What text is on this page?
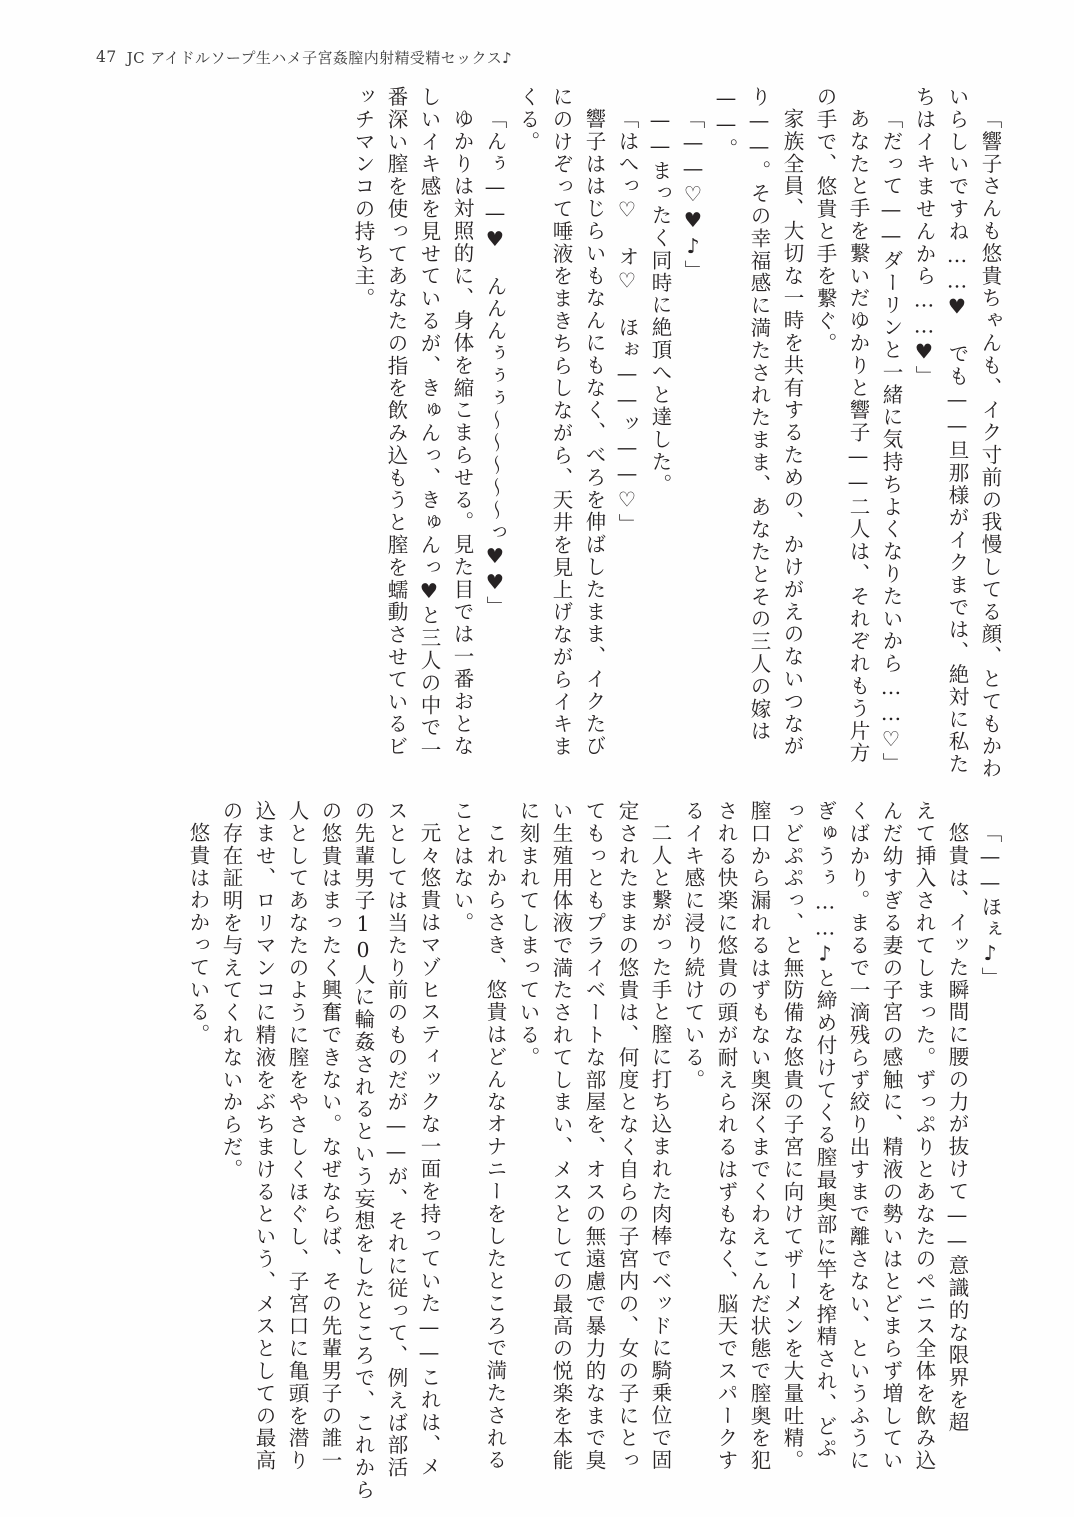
47 JC アイドルソープ生ハメ子宮姦膣内射精受精セックス♪
「響子さんも悠貴ちゃんも、イク寸前の我慢してる顔、とてもかわ
いらしいですね……♥　でも——旦那様がイクまでは、絶対に私た
ちはイキませんから……♥」
「だって——ダーリンと一緒に気持ちよくなりたいから……♡」
あなたと手を繋いだゆかりと響子——二人は、それぞれもう片方
の手で、悠貴と手を繋ぐ。
家族全員、大切な一時を共有するための、かけがえのないつなが
り——。その幸福感に満たされたまま、あなたとその三人の嫁は
——。
「——♡♥♪」
——まったく同時に絶頂へと達した。
「はへっ♡　オ♡　ほぉ——ッ——♡」
響子ははじらいもなんにもなく、べろを伸ばしたまま、イクたび
にのけぞって唾液をまきちらしながら、天井を見上げながらイキま
くる。
「んぅ——♥　んんんぅぅぅ～～～～～っ♥♥」
ゆかりは対照的に、身体を縮こまらせる。見た目では一番おとな
しいイキ感を見せているが、きゅんっ、きゅんっ♥と三人の中で一
番深い膣を使ってあなたの指を飲み込もうと膣を蠕動させているビ
ッチマンコの持ち主。
「——ほぇ♪」
悠貴は、イッた瞬間に腰の力が抜けて——意識的な限界を超
えて挿入されてしまった。ずっぷりとあなたのペニス全体を飲み込
んだ幼すぎる妻の子宮の感触に、精液の勢いはとどまらず増してい
くばかり。まるで一滴残らず絞り出すまで離さない、というふうに
ぎゅうぅ……♪と締め付けてくる膣最奥部に竿を搾精され、どぷ
っどぷぷっ、と無防備な悠貴の子宮に向けてザーメンを大量吐精。
膣口から漏れるはずもない奥深くまでくわえこんだ状態で膣奥を犯
される快楽に悠貴の頭が耐えられるはずもなく、脳天でスパークす
るイキ感に浸り続けている。
二人と繋がった手と膣に打ち込まれた肉棒でベッドに騎乗位で固
定されたままの悠貴は、何度となく自らの子宮内の、女の子にとっ
てもっともプライベートな部屋を、オスの無遠慮で暴力的なまで臭
い生殖用体液で満たされてしまい、メスとしての最高の悦楽を本能
に刻まれてしまっている。
これからさき、悠貴はどんなオナニーをしたところで満たされる
ことはない。
元々悠貴はマゾヒスティックな一面を持っていた——これは、メ
スとしては当たり前のものだが——が、それに従って、例えば部活
の先輩男子10人に輪姦されるという妄想をしたところで、これから
の悠貴はまったく興奮できない。なぜならば、その先輩男子の誰一
人としてあなたのように膣をやさしくほぐし、子宮口に亀頭を潜り
込ませ、ロリマンコに精液をぶちまけるという、メスとしての最高
の存在証明を与えてくれないからだ。
悠貴はわかっている。
